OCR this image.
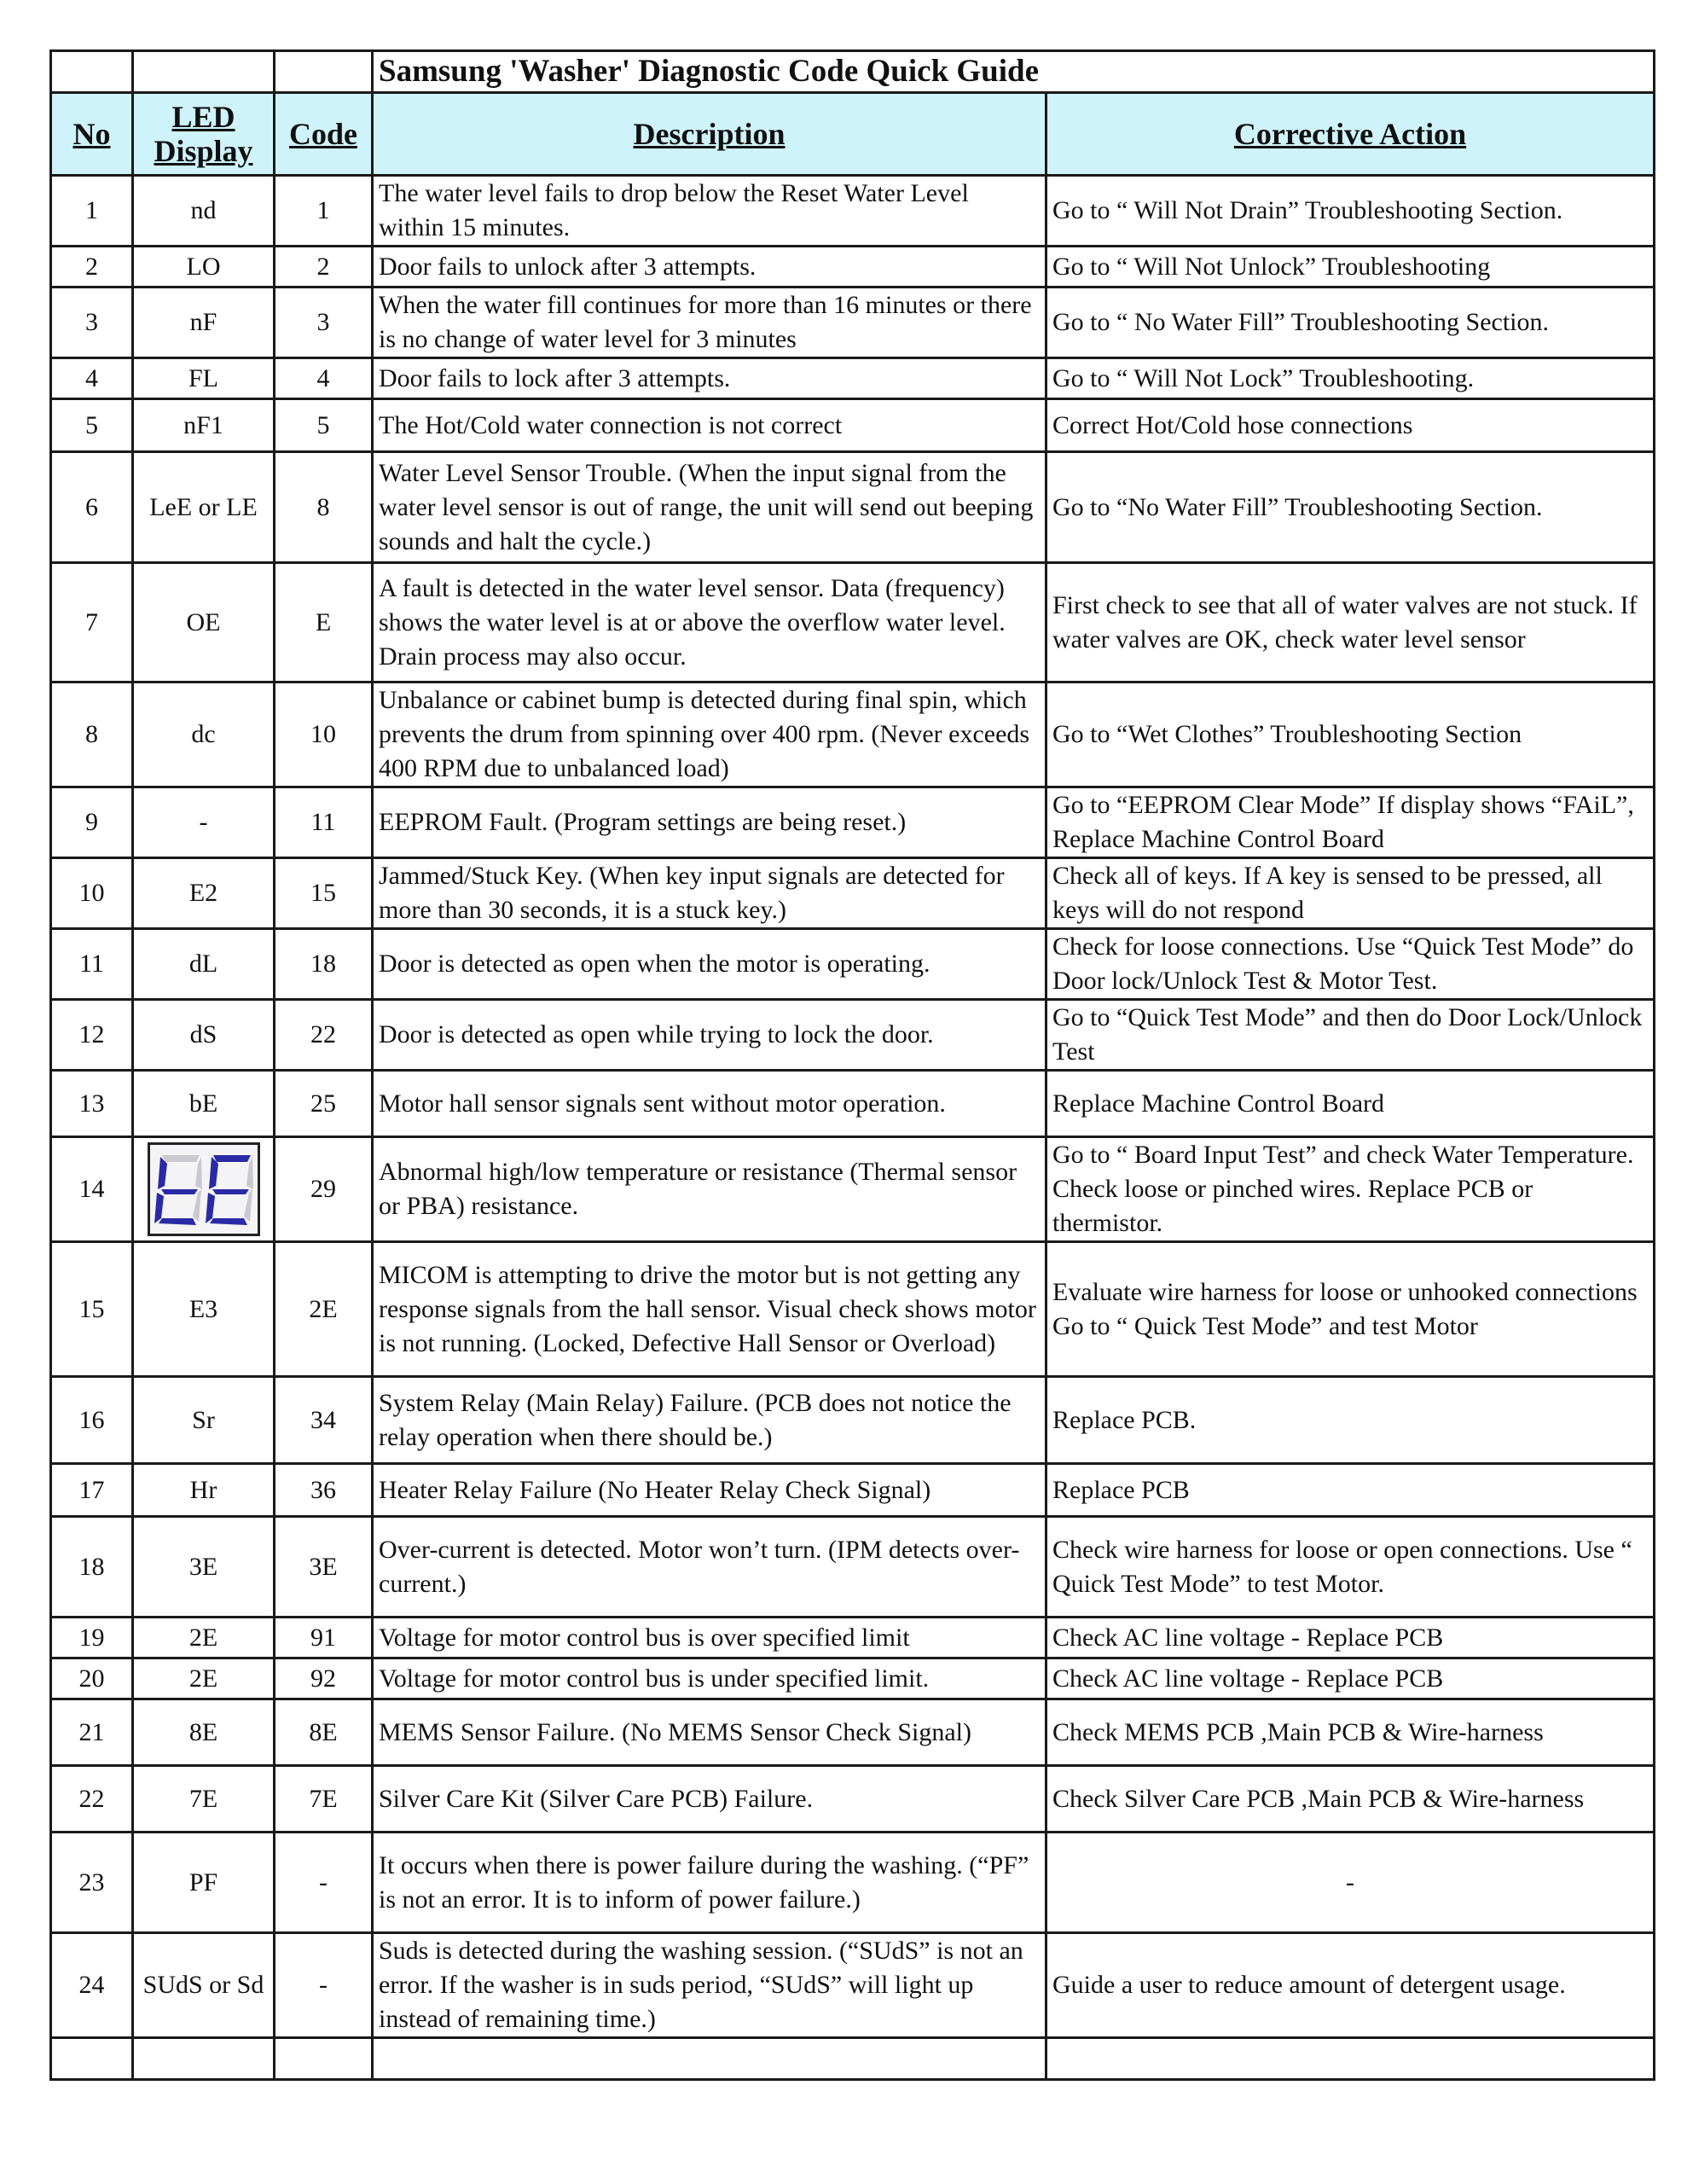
			Samsung 'Washer' Diagnostic Code Quick Guide	
No	LED Display	Code	Description	Corrective Action
1	nd	1	The water level fails to drop below the Reset Water Level within 15 minutes.	Go to “ Will Not Drain” Troubleshooting Section.
2	LO	2	Door fails to unlock after 3 attempts.	Go to “ Will Not Unlock” Troubleshooting
3	nF	3	When the water fill continues for more than 16 minutes or there is no change of water level for 3 minutes	Go to “ No Water Fill” Troubleshooting Section.
4	FL	4	Door fails to lock after 3 attempts.	Go to “ Will Not Lock” Troubleshooting.
5	nF1	5	The Hot/Cold water connection is not correct	Correct Hot/Cold hose connections
6	LeE or LE	8	Water Level Sensor Trouble. (When the input signal from the water level sensor is out of range, the unit will send out beeping sounds and halt the cycle.)	Go to “No Water Fill” Troubleshooting Section.
7	OE	E	A fault is detected in the water level sensor. Data (frequency) shows the water level is at or above the overflow water level. Drain process may also occur.	First check to see that all of water valves are not stuck. If water valves are OK, check water level sensor
8	dc	10	Unbalance or cabinet bump is detected during final spin, which prevents the drum from spinning over 400 rpm. (Never exceeds 400 RPM due to unbalanced load)	Go to “Wet Clothes” Troubleshooting Section
9	-	11	EEPROM Fault. (Program settings are being reset.)	Go to “EEPROM Clear Mode” If display shows “FAiL”, Replace Machine Control Board
10	E2	15	Jammed/Stuck Key. (When key input signals are detected for more than 30 seconds, it is a stuck key.)	Check all of keys. If A key is sensed to be pressed, all keys will do not respond
11	dL	18	Door is detected as open when the motor is operating.	Check for loose connections. Use “Quick Test Mode” do Door lock/Unlock Test & Motor Test.
12	dS	22	Door is detected as open while trying to lock the door.	Go to “Quick Test Mode” and then do Door Lock/Unlock Test
13	bE	25	Motor hall sensor signals sent without motor operation.	Replace Machine Control Board
14		29	Abnormal high/low temperature or resistance (Thermal sensor or PBA) resistance.	Go to “ Board Input Test” and check Water Temperature. Check loose or pinched wires. Replace PCB or thermistor.
15	E3	2E	MICOM is attempting to drive the motor but is not getting any response signals from the hall sensor. Visual check shows motor is not running. (Locked, Defective Hall Sensor or Overload)	Evaluate wire harness for loose or unhooked connections Go to “ Quick Test Mode” and test Motor
16	Sr	34	System Relay (Main Relay) Failure. (PCB does not notice the relay operation when there should be.)	Replace PCB.
17	Hr	36	Heater Relay Failure (No Heater Relay Check Signal)	Replace PCB
18	3E	3E	Over-current is detected. Motor won’t turn. (IPM detects over-current.)	Check wire harness for loose or open connections. Use “ Quick Test Mode” to test Motor.
19	2E	91	Voltage for motor control bus is over specified limit	Check AC line voltage - Replace PCB
20	2E	92	Voltage for motor control bus is under specified limit.	Check AC line voltage - Replace PCB
21	8E	8E	MEMS Sensor Failure. (No MEMS Sensor Check Signal)	Check MEMS PCB ,Main PCB & Wire-harness
22	7E	7E	Silver Care Kit (Silver Care PCB) Failure.	Check Silver Care PCB ,Main PCB & Wire-harness
23	PF	-	It occurs when there is power failure during the washing. (“PF” is not an error. It is to inform of power failure.)	-
24	SUdS or Sd	-	Suds is detected during the washing session. (“SUdS” is not an error. If the washer is in suds period, “SUdS” will light up instead of remaining time.)	Guide a user to reduce amount of detergent usage.
